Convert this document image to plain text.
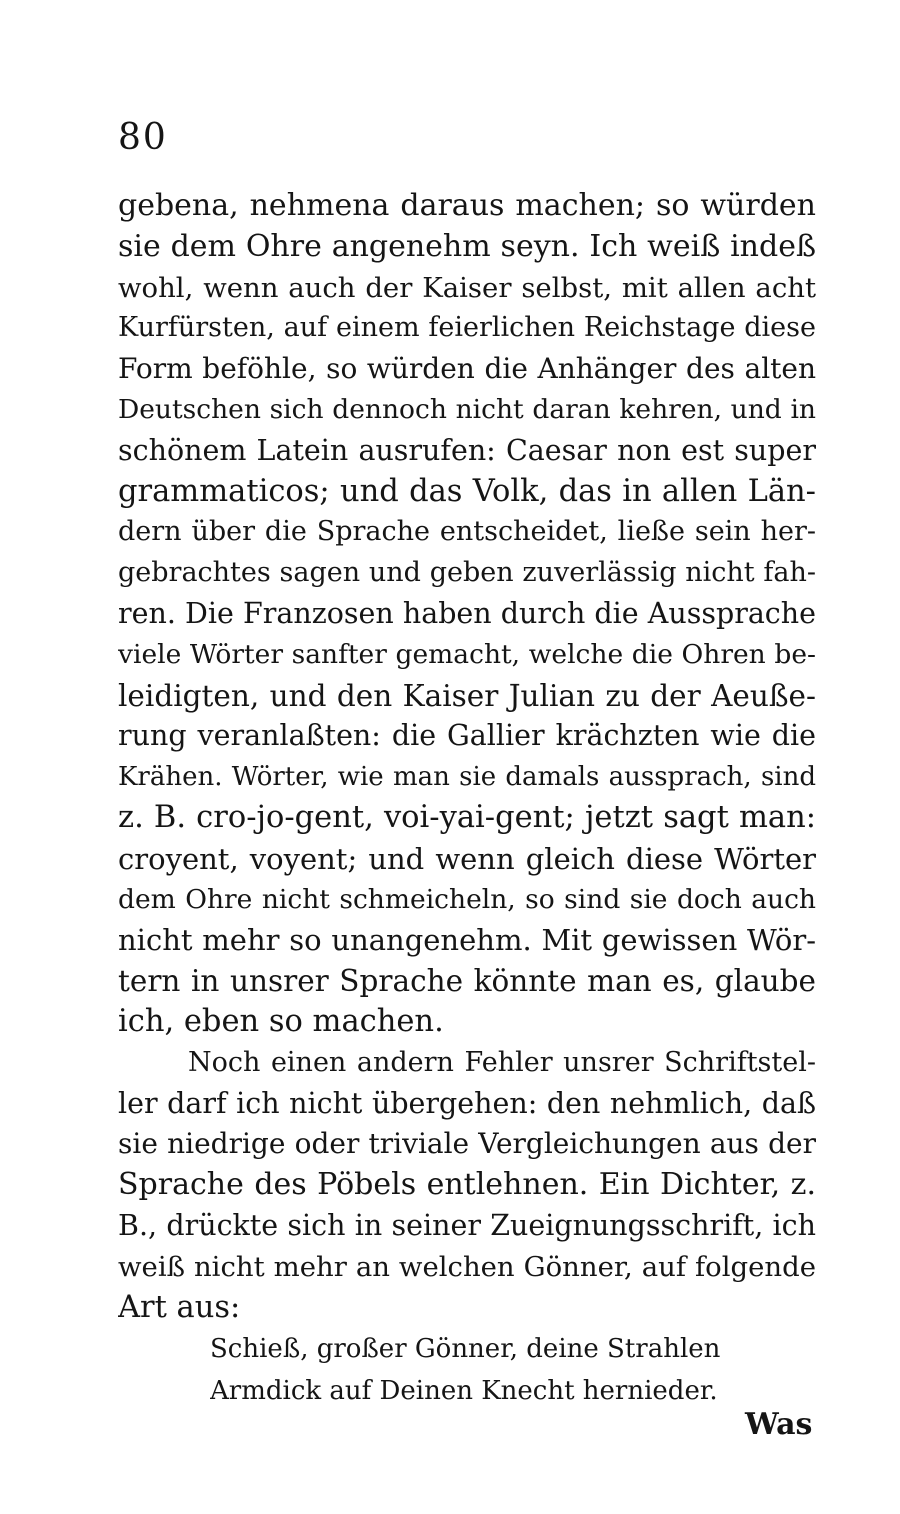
80
gebena, nehmena daraus machen; so würden
sie dem Ohre angenehm seyn. Ich weiß indeß
wohl, wenn auch der Kaiser selbst, mit allen acht
Kurfürsten, auf einem feierlichen Reichstage diese
Form beföhle, so würden die Anhänger des alten
Deutschen sich dennoch nicht daran kehren, und in
schönem Latein ausrufen: Caesar non est super
grammaticos; und das Volk, das in allen Län-
dern über die Sprache entscheidet, ließe sein her-
gebrachtes sagen und geben zuverlässig nicht fah-
ren. Die Franzosen haben durch die Aussprache
viele Wörter sanfter gemacht, welche die Ohren be-
leidigten, und den Kaiser Julian zu der Aeuße-
rung veranlaßten: die Gallier krächzten wie die
Krähen. Wörter, wie man sie damals aussprach, sind
z. B. cro-jo-gent, voi-yai-gent; jetzt sagt man:
croyent, voyent; und wenn gleich diese Wörter
dem Ohre nicht schmeicheln, so sind sie doch auch
nicht mehr so unangenehm. Mit gewissen Wör-
tern in unsrer Sprache könnte man es, glaube
ich, eben so machen.
Noch einen andern Fehler unsrer Schriftstel-
ler darf ich nicht übergehen: den nehmlich, daß
sie niedrige oder triviale Vergleichungen aus der
Sprache des Pöbels entlehnen. Ein Dichter, z.
B., drückte sich in seiner Zueignungsschrift, ich
weiß nicht mehr an welchen Gönner, auf folgende
Art aus:
Schieß, großer Gönner, deine Strahlen
Armdick auf Deinen Knecht hernieder.
Was
